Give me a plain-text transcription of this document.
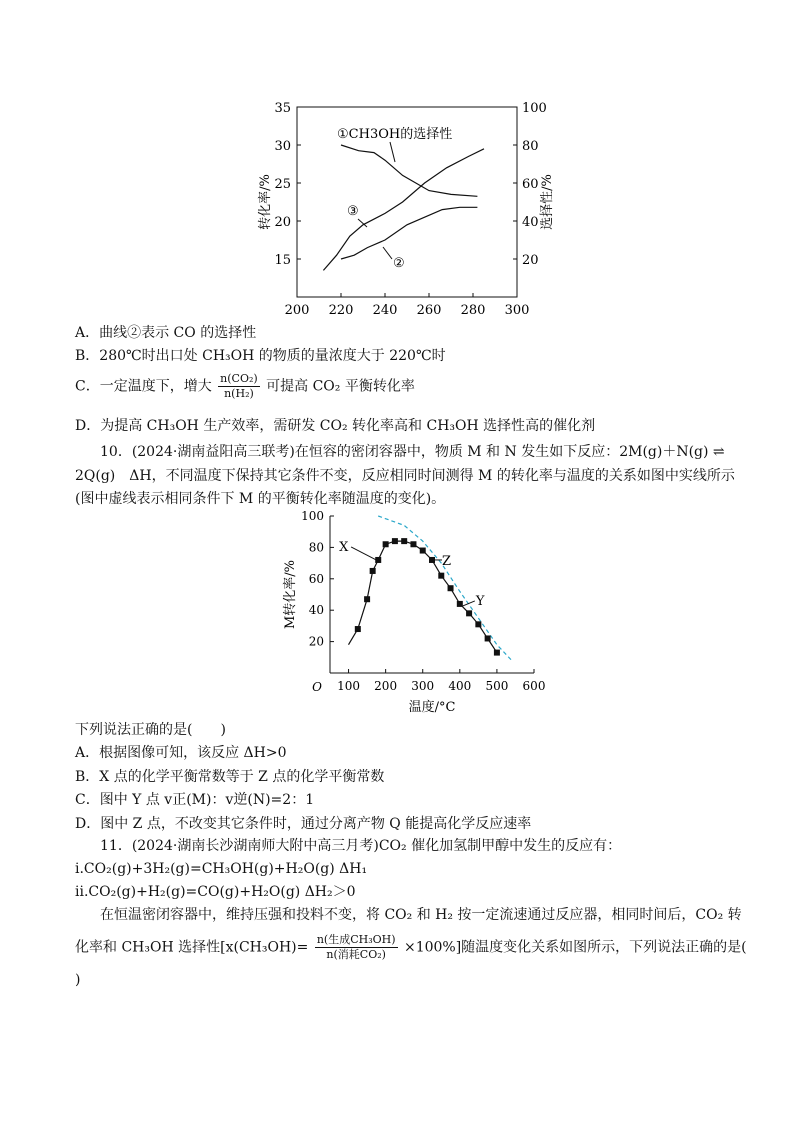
200 220 240 260 280 300
15
20
25
30
35
20
40
60
80
100
转化率/%	选择性/%
①CH3OH的选择性
③
②
A．曲线②表示 CO 的选择性
B．280℃时出口处 CH₃OH 的物质的量浓度大于 220℃时
C．一定温度下，增大 $\frac{\text{n(CO₂)}}{\text{n(H₂)}}$ 可提高 CO₂ 平衡转化率
D．为提高 CH₃OH 生产效率，需研发 CO₂ 转化率高和 CH₃OH 选择性高的催化剂
10．(2024·湖南益阳高三联考)在恒容的密闭容器中，物质 M 和 N 发生如下反应：2M(g)＋N(g) ⇌
2Q(g)　ΔH，不同温度下保持其它条件不变，反应相同时间测得 M 的转化率与温度的关系如图中实线所示
(图中虚线表示相同条件下 M 的平衡转化率随温度的变化)。
100 200 300 400 500 600
20
40
60
80
100
O
温度/°C
M转化率/%
X
Z
Y
下列说法正确的是(　　)
A．根据图像可知，该反应 ΔH>0
B．X 点的化学平衡常数等于 Z 点的化学平衡常数
C．图中 Y 点 v正(M)：v逆(N)=2：1
D．图中 Z 点，不改变其它条件时，通过分离产物 Q 能提高化学反应速率
11．(2024·湖南长沙湖南师大附中高三月考)CO₂ 催化加氢制甲醇中发生的反应有：
i.CO₂(g)+3H₂(g)=CH₃OH(g)+H₂O(g) ΔH₁
ii.CO₂(g)+H₂(g)=CO(g)+H₂O(g) ΔH₂＞0
在恒温密闭容器中，维持压强和投料不变，将 CO₂ 和 H₂ 按一定流速通过反应器，相同时间后，CO₂ 转
化率和 CH₃OH 选择性$[x(CH_3OH)= \frac{\text{n(生成CH₃OH)}}{\text{n(消耗CO₂)}} \times 100\%]$随温度变化关系如图所示，下列说法正确的是(
)
